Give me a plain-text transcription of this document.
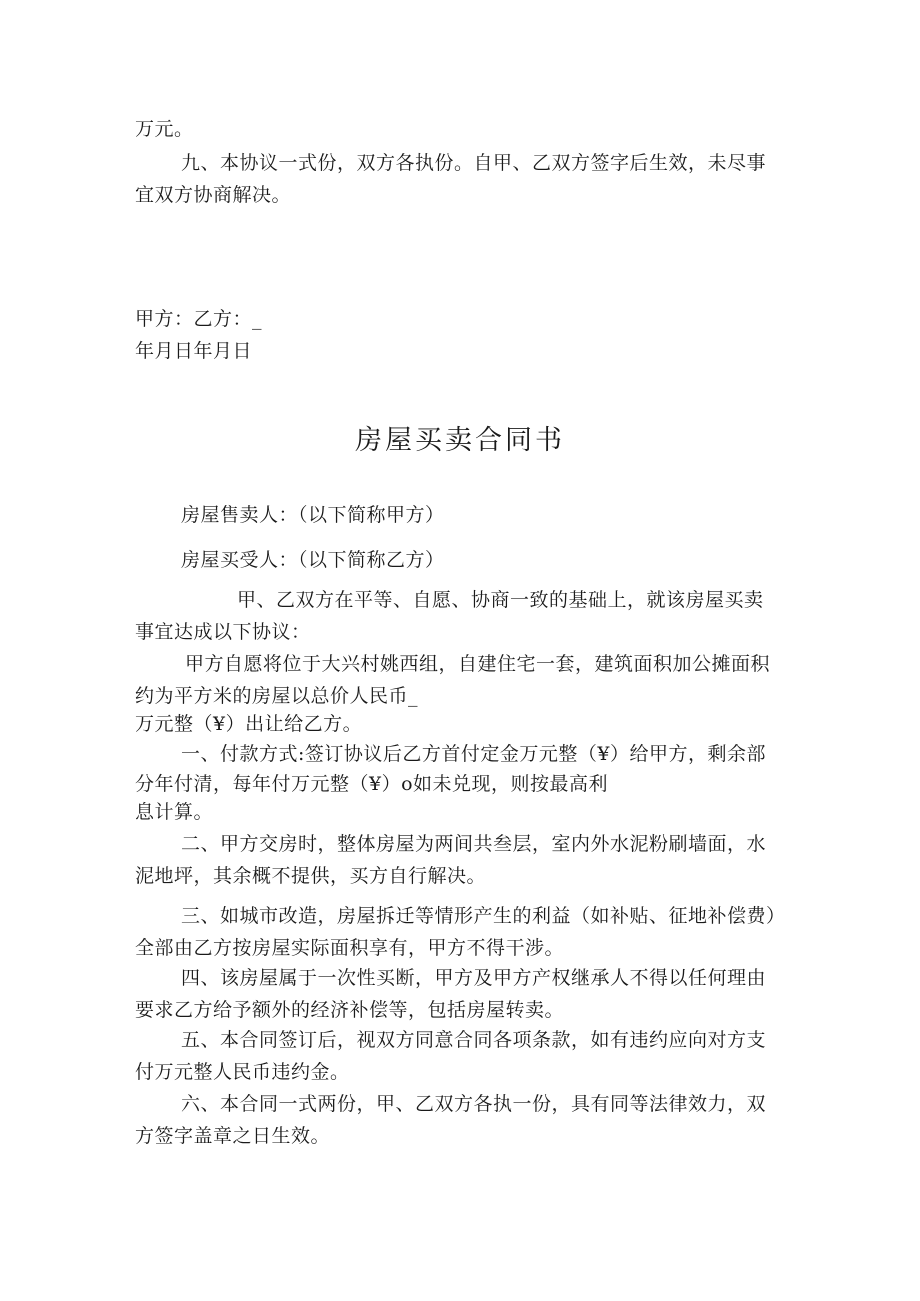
万元。
九、本协议一式份，双方各执份。自甲、乙双方签字后生效，未尽事
宜双方协商解决。
甲方：乙方：_
年月日年月日
房屋买卖合同书
房屋售卖人：（以下简称甲方）
房屋买受人：（以下简称乙方）
甲、乙双方在平等、自愿、协商一致的基础上，就该房屋买卖
事宜达成以下协议：
甲方自愿将位于大兴村姚西组，自建住宅一套，建筑面积加公摊面积
约为平方米的房屋以总价人民币_
万元整（¥）出让给乙方。
一、付款方式:签订协议后乙方首付定金万元整（¥）给甲方，剩余部
分年付清，每年付万元整（¥）o如未兑现，则按最高利
息计算。
二、甲方交房时，整体房屋为两间共叁层，室内外水泥粉刷墙面，水
泥地坪，其余概不提供，买方自行解决。
三、如城市改造，房屋拆迁等情形产生的利益（如补贴、征地补偿费）
全部由乙方按房屋实际面积享有，甲方不得干涉。
四、该房屋属于一次性买断，甲方及甲方产权继承人不得以任何理由
要求乙方给予额外的经济补偿等，包括房屋转卖。
五、本合同签订后，视双方同意合同各项条款，如有违约应向对方支
付万元整人民币违约金。
六、本合同一式两份，甲、乙双方各执一份，具有同等法律效力，双
方签字盖章之日生效。
